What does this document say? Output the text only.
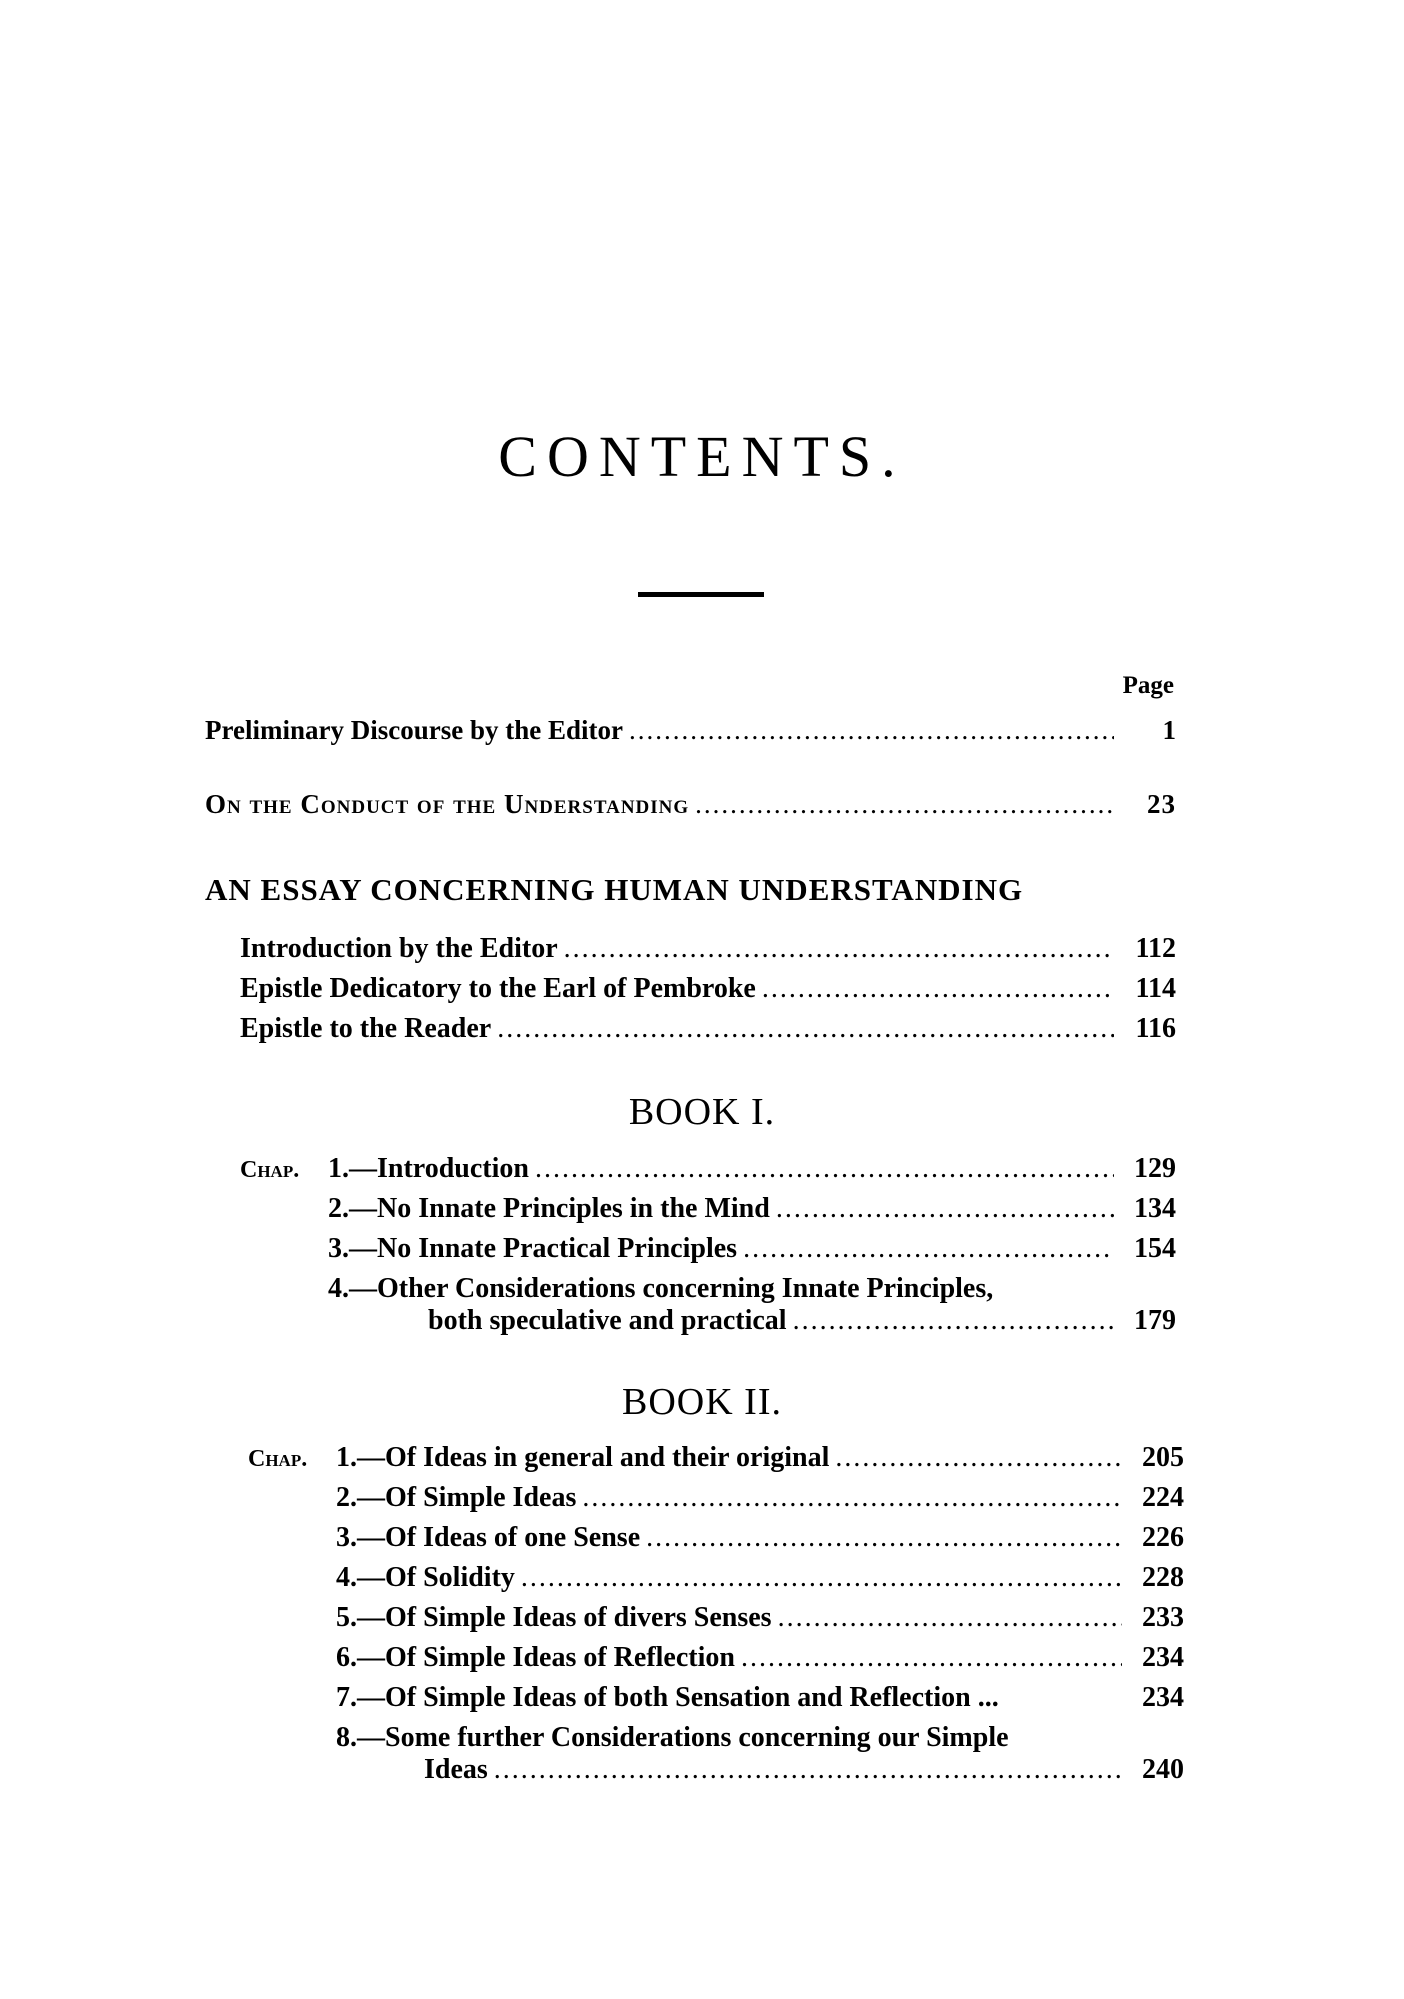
CONTENTS.
Page
Preliminary Discourse by the Editor .....	1
On the Conduct of the Understanding .....	23
AN ESSAY CONCERNING HUMAN UNDERSTANDING
Introduction by the Editor .....	112
Epistle Dedicatory to the Earl of Pembroke .....	114
Epistle to the Reader .....	116
BOOK I.
Chap. 1.—Introduction .....	129
2.—No Innate Principles in the Mind .....	134
3.—No Innate Practical Principles .....	154
4.—Other Considerations concerning Innate Principles,
both speculative and practical .....	179
BOOK II.
Chap. 1.—Of Ideas in general and their original .....	205
2.—Of Simple Ideas .....	224
3.—Of Ideas of one Sense .....	226
4.—Of Solidity .....	228
5.—Of Simple Ideas of divers Senses .....	233
6.—Of Simple Ideas of Reflection .....	234
7.—Of Simple Ideas of both Sensation and Reflection ...	234
8.—Some further Considerations concerning our Simple
Ideas .....	240
